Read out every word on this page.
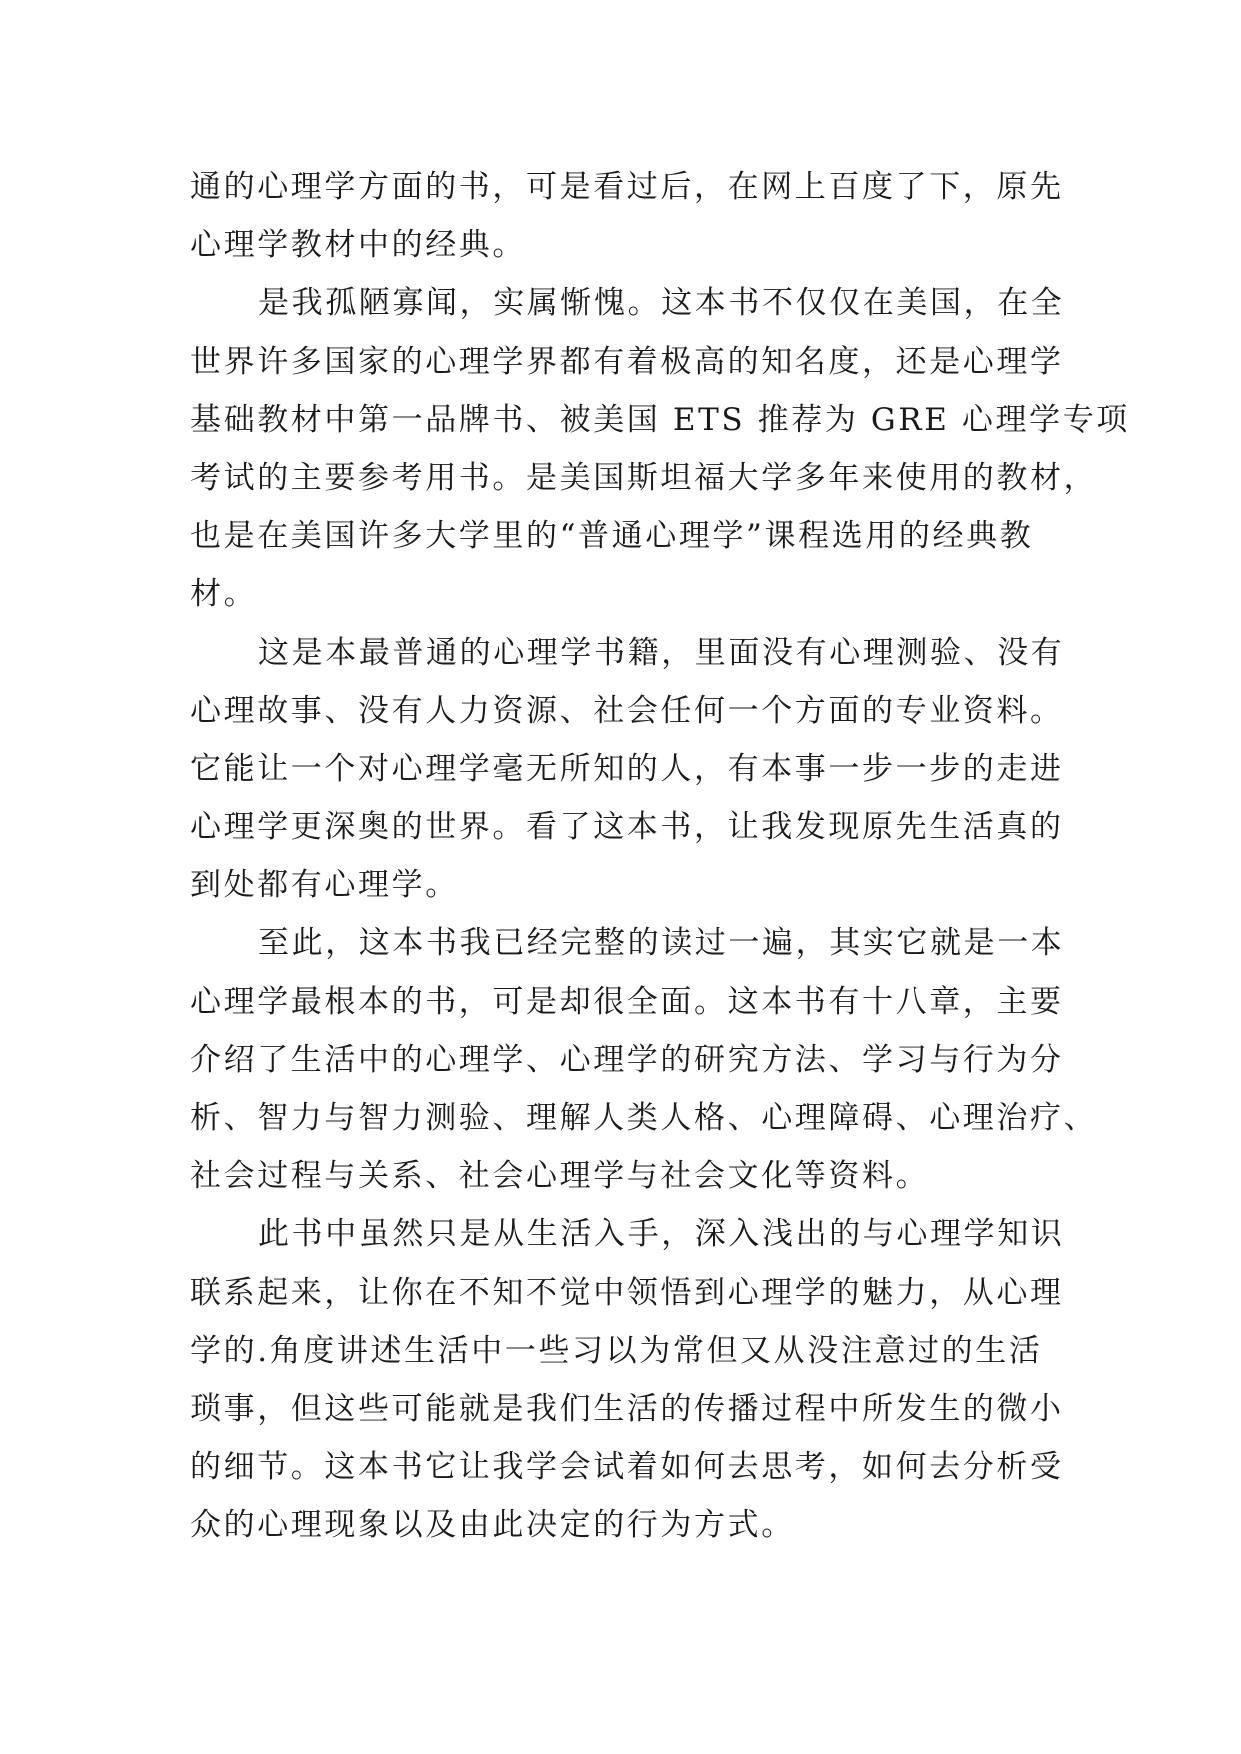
通的心理学方面的书，可是看过后，在网上百度了下，原先
心理学教材中的经典。
是我孤陋寡闻，实属惭愧。这本书不仅仅在美国，在全
世界许多国家的心理学界都有着极高的知名度，还是心理学
基础教材中第一品牌书、被美国 ETS 推荐为 GRE 心理学专项
考试的主要参考用书。是美国斯坦福大学多年来使用的教材，
也是在美国许多大学里的“普通心理学”课程选用的经典教
材。
这是本最普通的心理学书籍，里面没有心理测验、没有
心理故事、没有人力资源、社会任何一个方面的专业资料。
它能让一个对心理学毫无所知的人，有本事一步一步的走进
心理学更深奥的世界。看了这本书，让我发现原先生活真的
到处都有心理学。
至此，这本书我已经完整的读过一遍，其实它就是一本
心理学最根本的书，可是却很全面。这本书有十八章，主要
介绍了生活中的心理学、心理学的研究方法、学习与行为分
析、智力与智力测验、理解人类人格、心理障碍、心理治疗、
社会过程与关系、社会心理学与社会文化等资料。
此书中虽然只是从生活入手，深入浅出的与心理学知识
联系起来，让你在不知不觉中领悟到心理学的魅力，从心理
学的.角度讲述生活中一些习以为常但又从没注意过的生活
琐事，但这些可能就是我们生活的传播过程中所发生的微小
的细节。这本书它让我学会试着如何去思考，如何去分析受
众的心理现象以及由此决定的行为方式。
